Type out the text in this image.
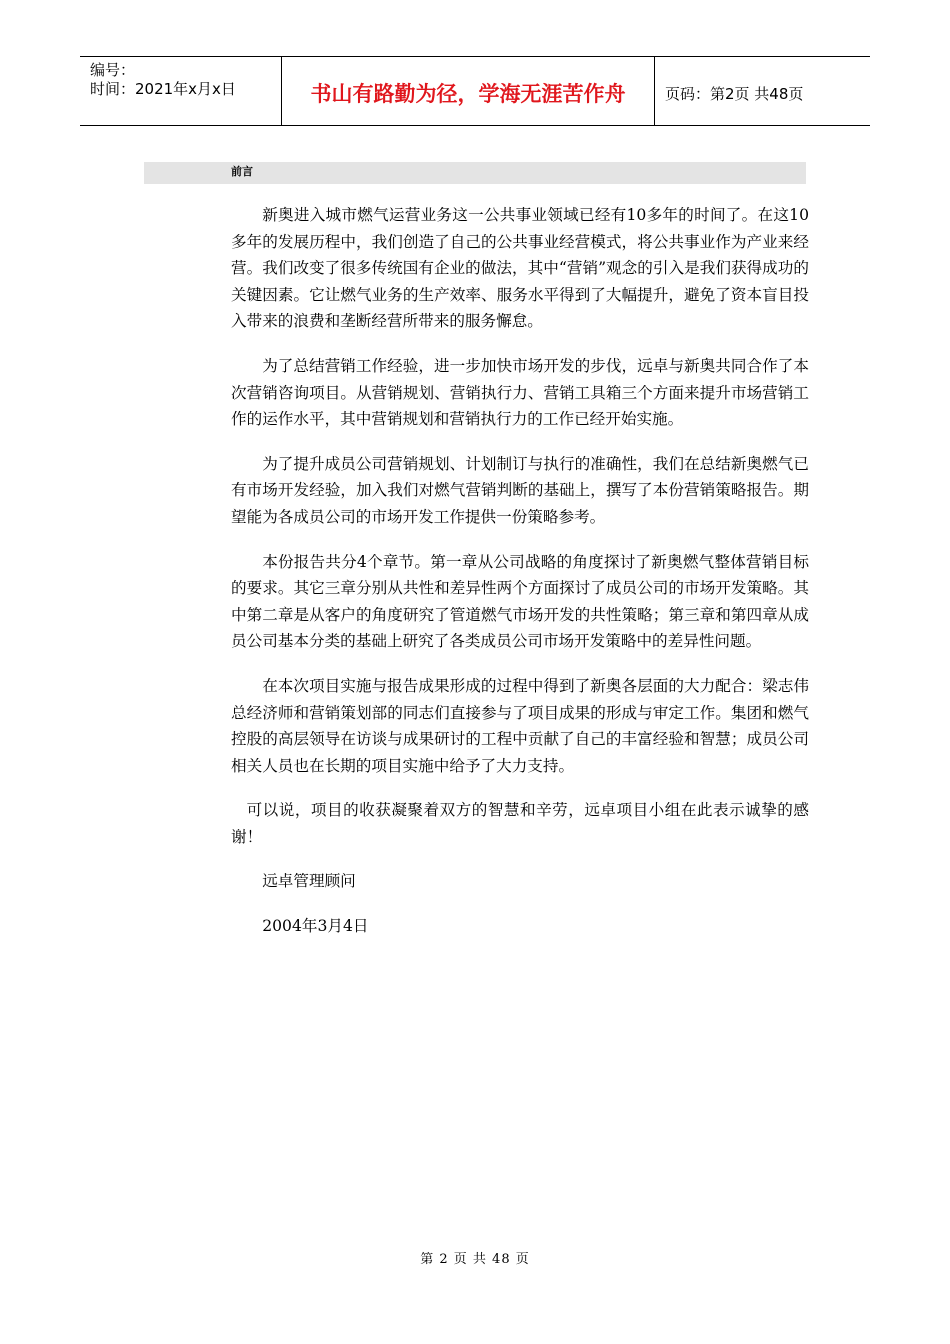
编号：
时间：2021年x月x日	书山有路勤为径，学海无涯苦作舟	页码：第2页 共48页
前言

新奥进入城市燃气运营业务这一公共事业领域已经有10多年的时间了。在这10多年的发展历程中，我们创造了自己的公共事业经营模式，将公共事业作为产业来经营。我们改变了很多传统国有企业的做法，其中“营销”观念的引入是我们获得成功的关键因素。它让燃气业务的生产效率、服务水平得到了大幅提升，避免了资本盲目投入带来的浪费和垄断经营所带来的服务懈怠。

为了总结营销工作经验，进一步加快市场开发的步伐，远卓与新奥共同合作了本次营销咨询项目。从营销规划、营销执行力、营销工具箱三个方面来提升市场营销工作的运作水平，其中营销规划和营销执行力的工作已经开始实施。

为了提升成员公司营销规划、计划制订与执行的准确性，我们在总结新奥燃气已有市场开发经验，加入我们对燃气营销判断的基础上，撰写了本份营销策略报告。期望能为各成员公司的市场开发工作提供一份策略参考。

本份报告共分4个章节。第一章从公司战略的角度探讨了新奥燃气整体营销目标的要求。其它三章分别从共性和差异性两个方面探讨了成员公司的市场开发策略。其中第二章是从客户的角度研究了管道燃气市场开发的共性策略；第三章和第四章从成员公司基本分类的基础上研究了各类成员公司市场开发策略中的差异性问题。

在本次项目实施与报告成果形成的过程中得到了新奥各层面的大力配合：梁志伟总经济师和营销策划部的同志们直接参与了项目成果的形成与审定工作。集团和燃气控股的高层领导在访谈与成果研讨的工程中贡献了自己的丰富经验和智慧；成员公司相关人员也在长期的项目实施中给予了大力支持。

可以说，项目的收获凝聚着双方的智慧和辛劳，远卓项目小组在此表示诚挚的感谢！

远卓管理顾问

2004年3月4日

第 2 页 共 48 页
